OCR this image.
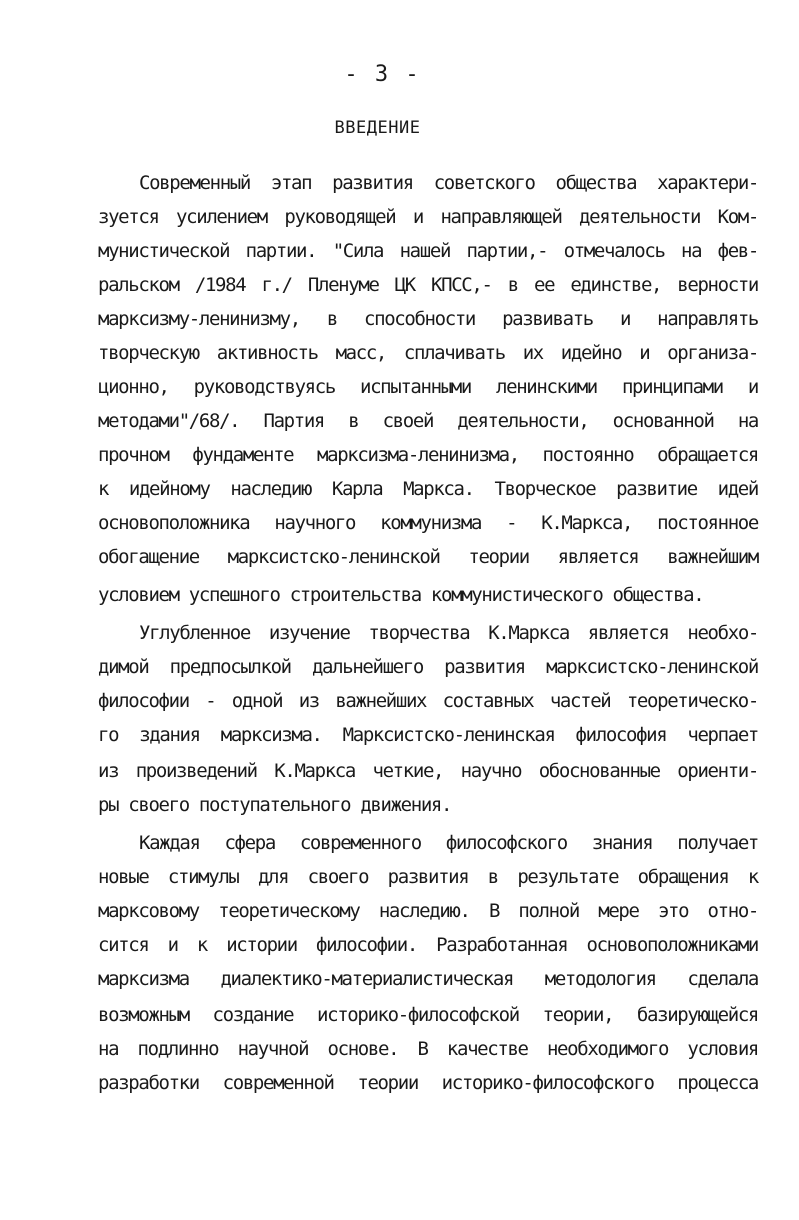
- 3 -
ВВЕДЕНИЕ
Современный этап развития советского общества характери-
зуется усилением руководящей и направляющей деятельности Ком-
мунистической партии. "Сила нашей партии,- отмечалось на фев-
ральском /1984 г./ Пленуме ЦК КПСС,- в ее единстве, верности
марксизму-ленинизму, в способности развивать и направлять
творческую активность масс, сплачивать их идейно и организа-
ционно, руководствуясь испытанными ленинскими принципами и
методами"/68/. Партия в своей деятельности, основанной на
прочном фундаменте марксизма-ленинизма, постоянно обращается
к идейному наследию Карла Маркса. Творческое развитие идей
основоположника научного коммунизма - К.Маркса, постоянное
обогащение марксистско-ленинской теории является важнейшим
условием успешного строительства коммунистического общества.
Углубленное изучение творчества К.Маркса является необхо-
димой предпосылкой дальнейшего развития марксистско-ленинской
философии - одной из важнейших составных частей теоретическо-
го здания марксизма. Марксистско-ленинская философия черпает
из произведений К.Маркса четкие, научно обоснованные ориенти-
ры своего поступательного движения.
Каждая сфера современного философского знания получает
новые стимулы для своего развития в результате обращения к
марксовому теоретическому наследию. В полной мере это отно-
сится и к истории философии. Разработанная основоположниками
марксизма диалектико-материалистическая методология сделала
возможным создание историко-философской теории, базирующейся
на подлинно научной основе. В качестве необходимого условия
разработки современной теории историко-философского процесса
